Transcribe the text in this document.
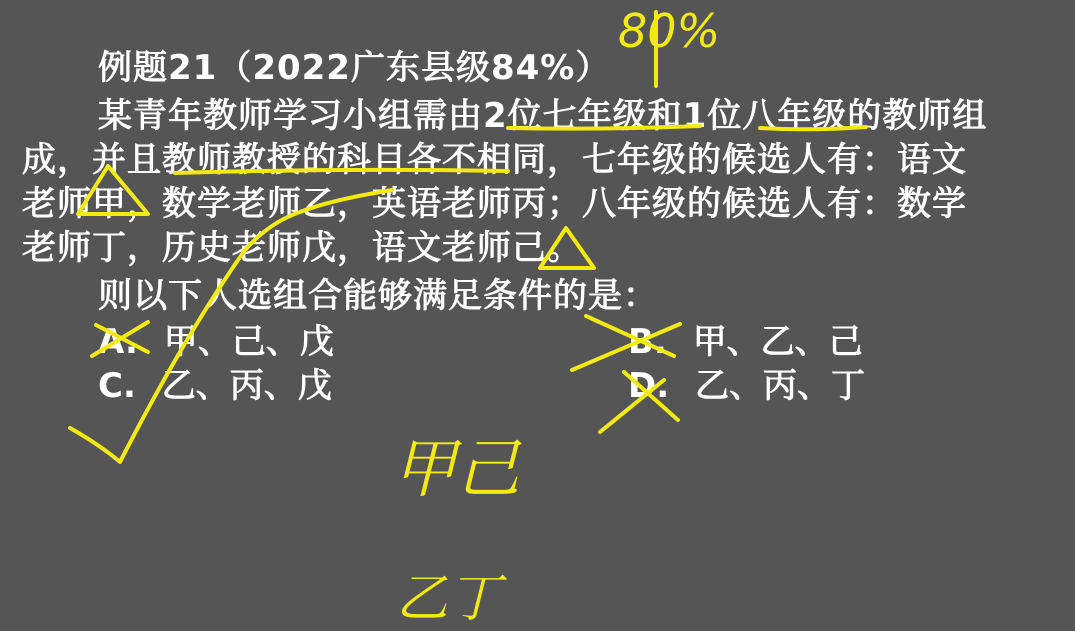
例题21（2022广东县级84%）
某青年教师学习小组需由2位七年级和1位八年级的教师组
成，并且教师教授的科目各不相同，七年级的候选人有：语文
老师甲，数学老师乙，英语老师丙；八年级的候选人有：数学
老师丁，历史老师戊，语文老师己。
则以下人选组合能够满足条件的是：
A. 甲、己、戊	B. 甲、乙、己
C. 乙、丙、戊	D. 乙、丙、丁
80%
甲己
乙丁
